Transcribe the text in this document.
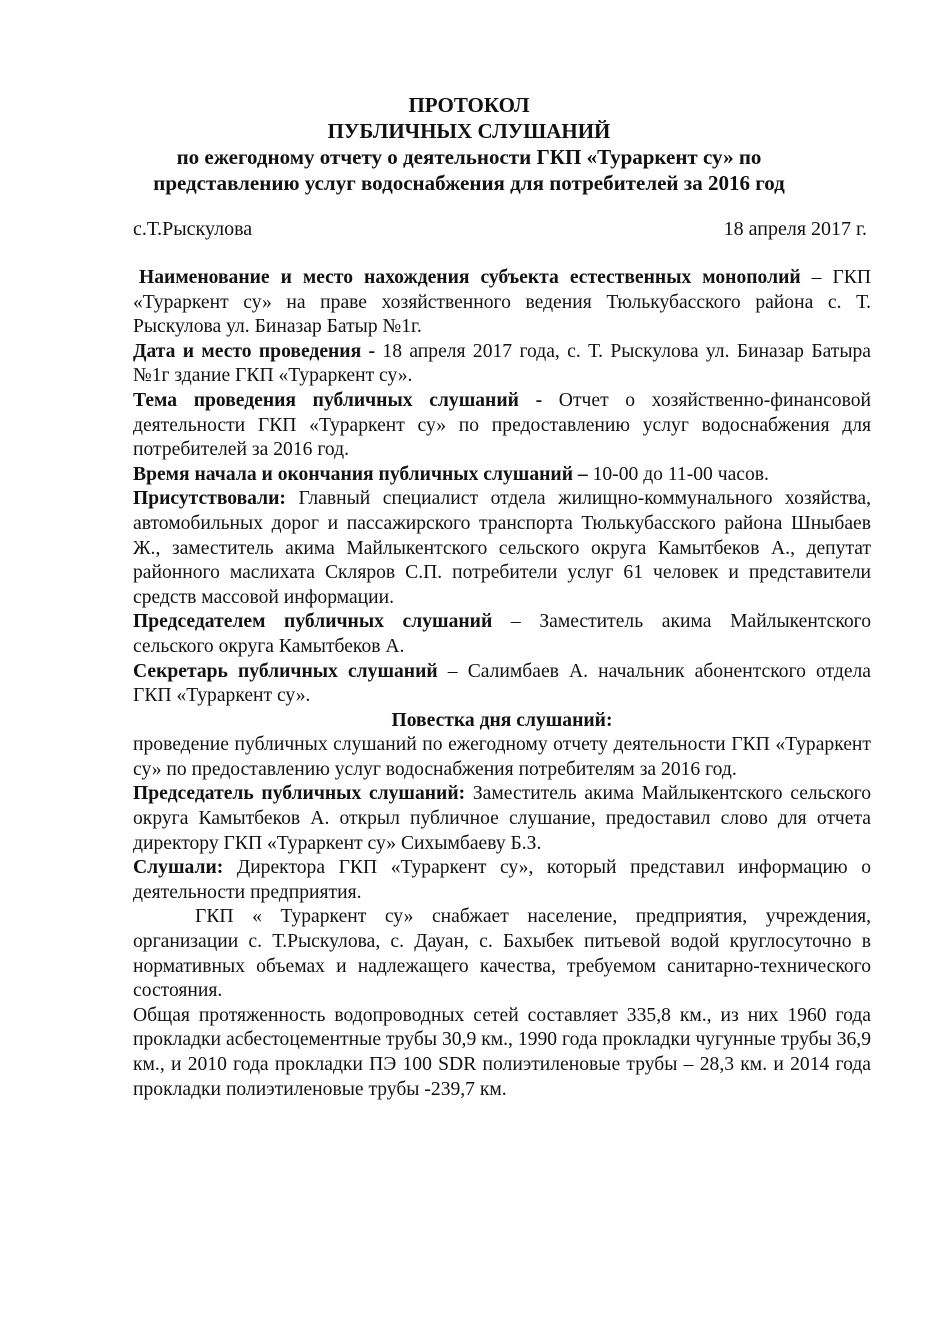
ПРОТОКОЛ
ПУБЛИЧНЫХ СЛУШАНИЙ
по ежегодному отчету о деятельности ГКП «Тураркент су» по
представлению услуг водоснабжения для потребителей за 2016 год
с.Т.Рыскулова	18 апреля 2017 г.

Наименование и место нахождения субъекта естественных монополий – ГКП «Тураркент су» на праве хозяйственного ведения Тюлькубасского района с. Т. Рыскулова ул. Биназар Батыр №1г.

Дата и место проведения - 18 апреля 2017 года, с. Т. Рыскулова ул. Биназар Батыра №1г здание ГКП «Тураркент су».

Тема проведения публичных слушаний - Отчет о хозяйственно-финансовой деятельности ГКП «Тураркент су» по предоставлению услуг водоснабжения для потребителей за 2016 год.

Время начала и окончания публичных слушаний – 10-00 до 11-00 часов.

Присутствовали: Главный специалист отдела жилищно-коммунального хозяйства, автомобильных дорог и пассажирского транспорта Тюлькубасского района Шныбаев Ж., заместитель акима Майлыкентского сельского округа Камытбеков А., депутат районного маслихата Скляров С.П. потребители услуг 61 человек и представители средств массовой информации.

Председателем публичных слушаний – Заместитель акима Майлыкентского сельского округа Камытбеков А.

Секретарь публичных слушаний – Салимбаев А. начальник абонентского отдела ГКП «Тураркент су».

Повестка дня слушаний:

проведение публичных слушаний по ежегодному отчету деятельности ГКП «Тураркент су» по предоставлению услуг водоснабжения потребителям за 2016 год.

Председатель публичных слушаний: Заместитель акима Майлыкентского сельского округа Камытбеков А. открыл публичное слушание, предоставил слово для отчета директору ГКП «Тураркент су» Сихымбаеву Б.З.

Слушали: Директора ГКП «Тураркент су», который представил информацию о деятельности предприятия.

ГКП « Тураркент су» снабжает население, предприятия, учреждения, организации с. Т.Рыскулова, с. Дауан, с. Бахыбек питьевой водой круглосуточно в нормативных объемах и надлежащего качества, требуемом санитарно-технического состояния.

Общая протяженность водопроводных сетей составляет 335,8 км., из них 1960 года прокладки асбестоцементные трубы 30,9 км., 1990 года прокладки чугунные трубы 36,9 км., и 2010 года прокладки ПЭ 100 SDR полиэтиленовые трубы – 28,3 км. и 2014 года прокладки полиэтиленовые трубы -239,7 км.
